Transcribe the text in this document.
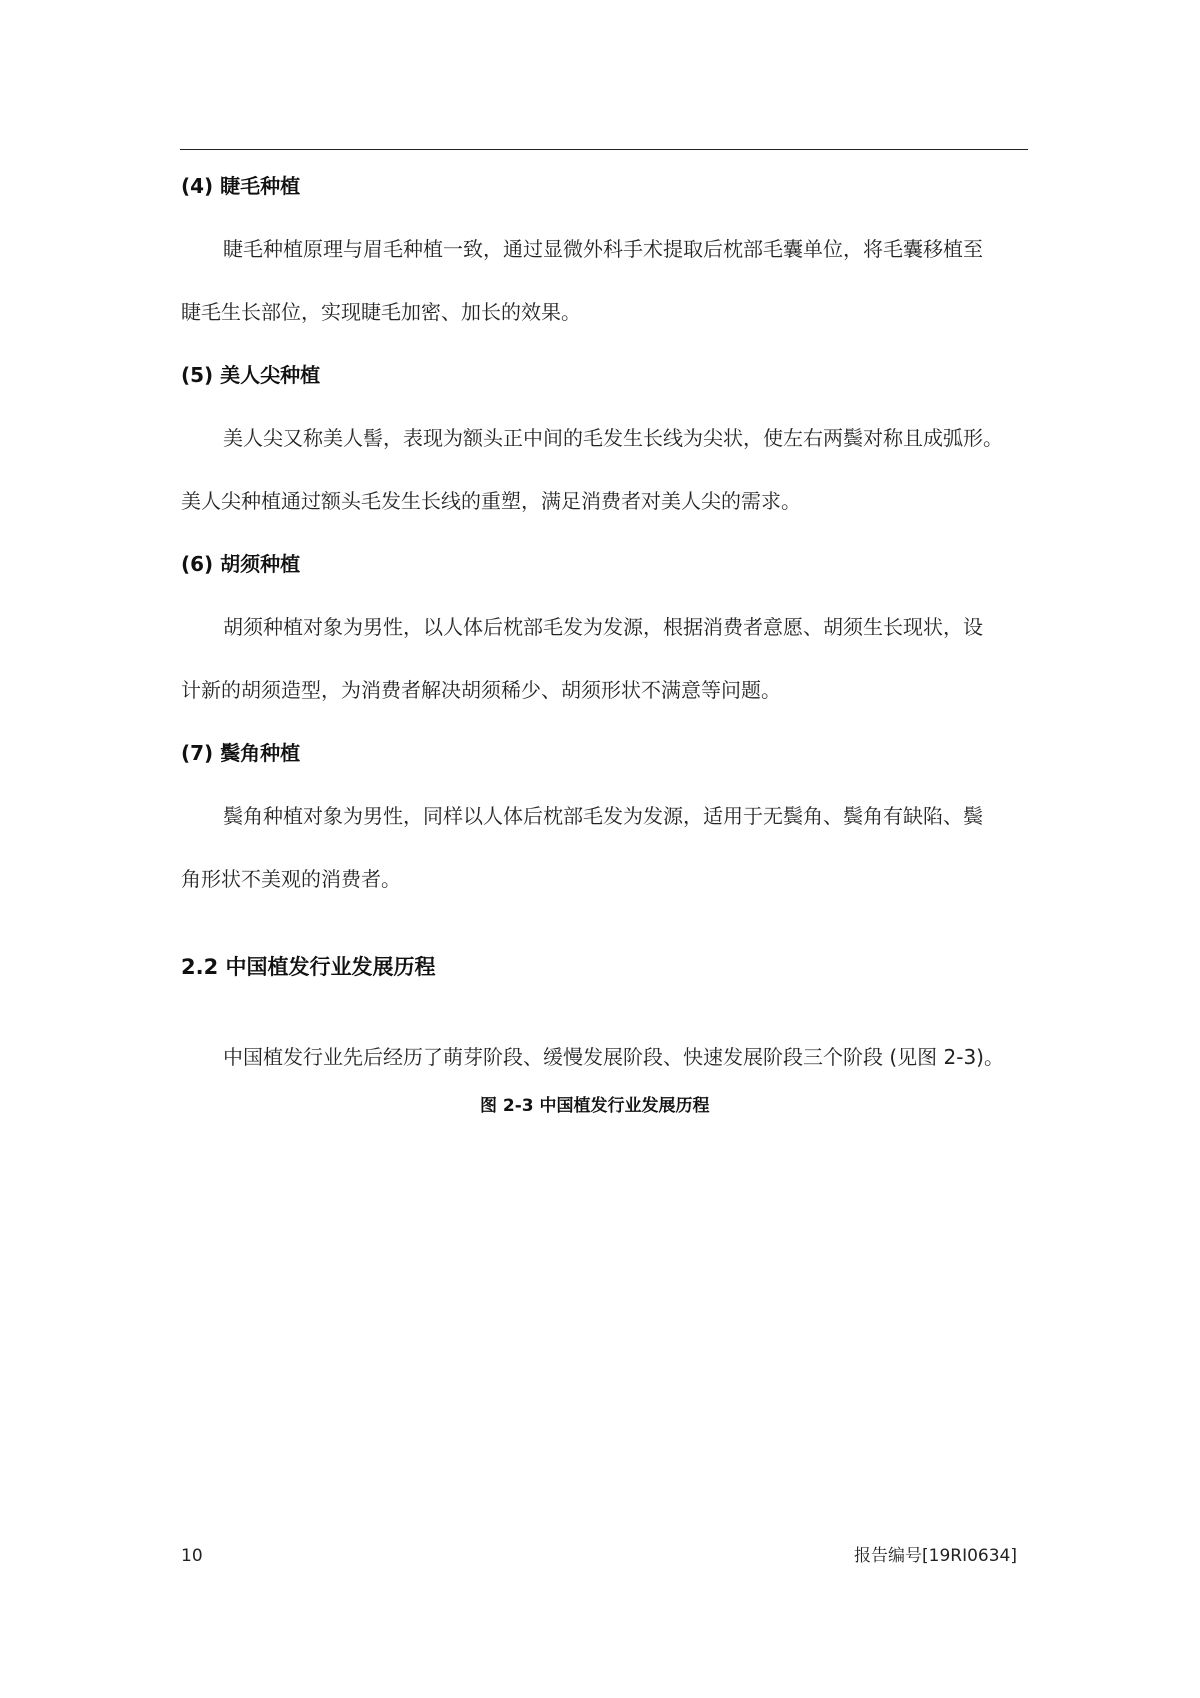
(4) 睫毛种植
睫毛种植原理与眉毛种植一致，通过显微外科手术提取后枕部毛囊单位，将毛囊移植至
睫毛生长部位，实现睫毛加密、加长的效果。
(5) 美人尖种植
美人尖又称美人髻，表现为额头正中间的毛发生长线为尖状，使左右两鬓对称且成弧形。
美人尖种植通过额头毛发生长线的重塑，满足消费者对美人尖的需求。
(6) 胡须种植
胡须种植对象为男性，以人体后枕部毛发为发源，根据消费者意愿、胡须生长现状，设
计新的胡须造型，为消费者解决胡须稀少、胡须形状不满意等问题。
(7) 鬓角种植
鬓角种植对象为男性，同样以人体后枕部毛发为发源，适用于无鬓角、鬓角有缺陷、鬓
角形状不美观的消费者。
2.2 中国植发行业发展历程
中国植发行业先后经历了萌芽阶段、缓慢发展阶段、快速发展阶段三个阶段 (见图 2-3)。
图 2-3 中国植发行业发展历程
10	报告编号[19RI0634]
